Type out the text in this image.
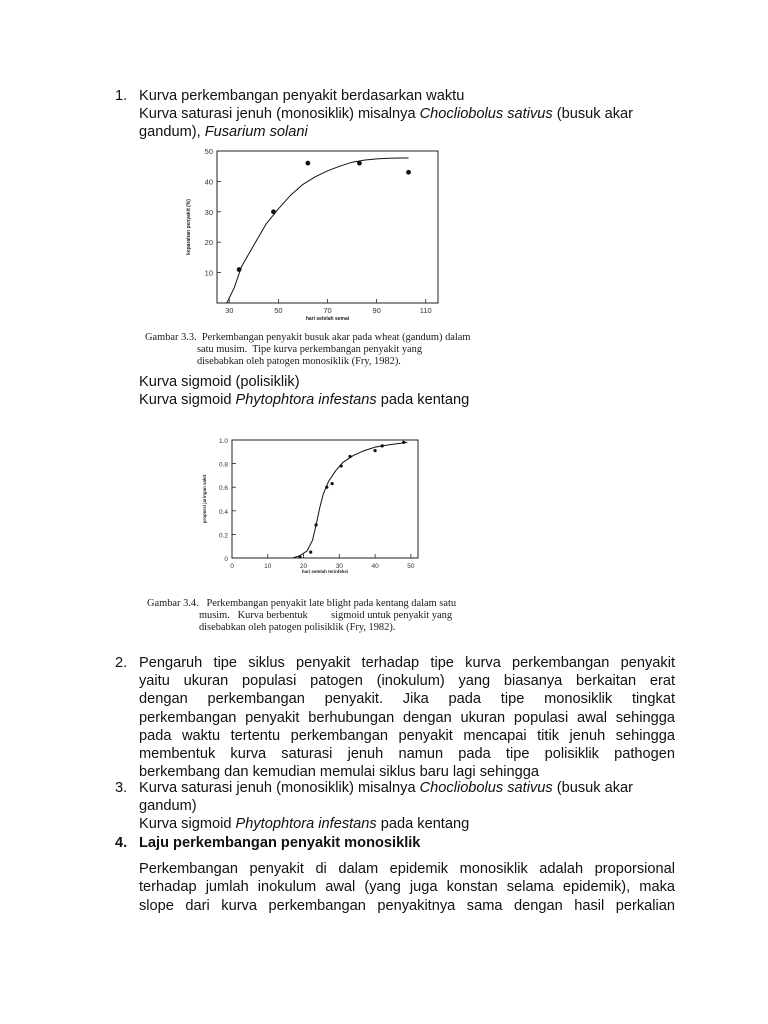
1. Kurva perkembangan penyakit berdasarkan waktu
Kurva saturasi jenuh (monosiklik) misalnya Chocliobolus sativus (busuk akar
gandum), Fusarium solani
30	50	70	90	110
10
20
30
40
50
hari setelah semai
keparahan penyakit (%)
Gambar 3.3.  Perkembangan penyakit busuk akar pada wheat (gandum) dalam
satu musim.  Tipe kurva perkembangan penyakit yang
disebabkan oleh patogen monosiklik (Fry, 1982).
Kurva sigmoid (polisiklik)
Kurva sigmoid Phytophtora infestans pada kentang
0	10	20	30	40	50
0
0.2
0.4
0.6
0.8
1.0
hari setelah terinfeksi
proporsi jaringan sakit
Gambar 3.4.   Perkembangan penyakit late blight pada kentang dalam satu
musim.   Kurva berbentuk         sigmoid untuk penyakit yang
disebabkan oleh patogen polisiklik (Fry, 1982).
2. Pengaruh tipe siklus penyakit terhadap tipe kurva perkembangan penyakit
yaitu ukuran populasi patogen (inokulum) yang biasanya berkaitan erat
dengan perkembangan penyakit. Jika pada tipe monosiklik tingkat
perkembangan penyakit berhubungan dengan ukuran populasi awal sehingga
pada waktu tertentu perkembangan penyakit mencapai titik jenuh sehingga
membentuk kurva saturasi jenuh namun pada tipe polisiklik pathogen
berkembang dan kemudian memulai siklus baru lagi sehingga
3. Kurva saturasi jenuh (monosiklik) misalnya Chocliobolus sativus (busuk akar
gandum)
Kurva sigmoid Phytophtora infestans pada kentang
4. Laju perkembangan penyakit monosiklik
Perkembangan penyakit di dalam epidemik monosiklik adalah proporsional
terhadap jumlah inokulum awal (yang juga konstan selama epidemik), maka
slope dari kurva perkembangan penyakitnya sama dengan hasil perkalian
